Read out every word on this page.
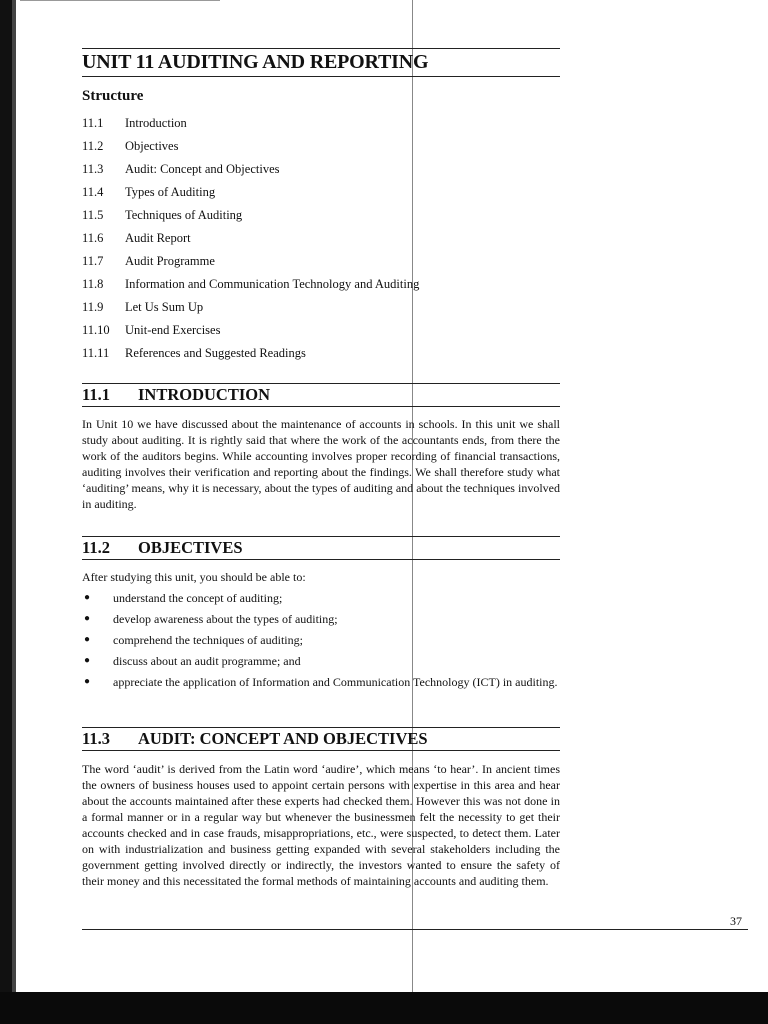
UNIT 11 AUDITING AND REPORTING
Structure
11.1 Introduction
11.2 Objectives
11.3 Audit: Concept and Objectives
11.4 Types of Auditing
11.5 Techniques of Auditing
11.6 Audit Report
11.7 Audit Programme
11.8 Information and Communication Technology and Auditing
11.9 Let Us Sum Up
11.10 Unit-end Exercises
11.11 References and Suggested Readings
11.1 INTRODUCTION
In Unit 10 we have discussed about the maintenance of accounts in schools. In this unit we shall study about auditing. It is rightly said that where the work of the accountants ends, from there the work of the auditors begins. While accounting involves proper recording of financial transactions, auditing involves their verification and reporting about the findings. We shall therefore study what ‘auditing’ means, why it is necessary, about the types of auditing and about the techniques involved in auditing.
11.2 OBJECTIVES
After studying this unit, you should be able to:
● understand the concept of auditing;
● develop awareness about the types of auditing;
● comprehend the techniques of auditing;
● discuss about an audit programme; and
● appreciate the application of Information and Communication Technology (ICT) in auditing.
11.3 AUDIT: CONCEPT AND OBJECTIVES
The word ‘audit’ is derived from the Latin word ‘audire’, which means ‘to hear’. In ancient times the owners of business houses used to appoint certain persons with expertise in this area and hear about the accounts maintained after these experts had checked them. However this was not done in a formal manner or in a regular way but whenever the businessmen felt the necessity to get their accounts checked and in case frauds, misappropriations, etc., were suspected, to detect them. Later on with industrialization and business getting expanded with several stakeholders including the government getting involved directly or indirectly, the investors wanted to ensure the safety of their money and this necessitated the formal methods of maintaining accounts and auditing them.
37
